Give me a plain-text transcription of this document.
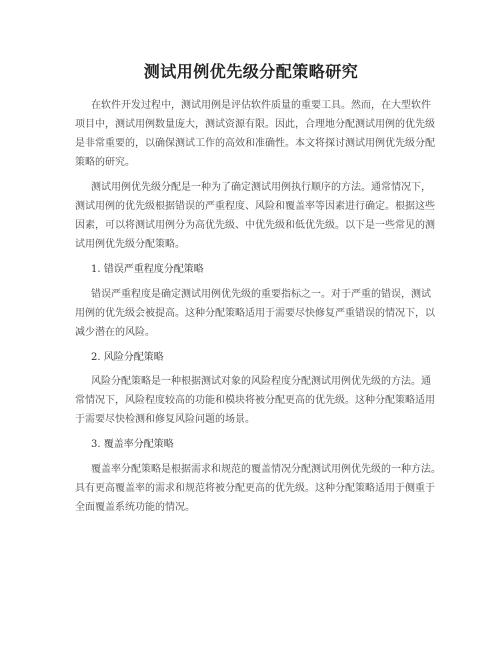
测试用例优先级分配策略研究
在软件开发过程中，测试用例是评估软件质量的重要工具。然而，在大型软件
项目中，测试用例数量庞大，测试资源有限。因此，合理地分配测试用例的优先级
是非常重要的，以确保测试工作的高效和准确性。本文将探讨测试用例优先级分配
策略的研究。
测试用例优先级分配是一种为了确定测试用例执行顺序的方法。通常情况下，
测试用例的优先级根据错误的严重程度、风险和覆盖率等因素进行确定。根据这些
因素，可以将测试用例分为高优先级、中优先级和低优先级。以下是一些常见的测
试用例优先级分配策略。
1. 错误严重程度分配策略
错误严重程度是确定测试用例优先级的重要指标之一。对于严重的错误，测试
用例的优先级会被提高。这种分配策略适用于需要尽快修复严重错误的情况下，以
减少潜在的风险。
2. 风险分配策略
风险分配策略是一种根据测试对象的风险程度分配测试用例优先级的方法。通
常情况下，风险程度较高的功能和模块将被分配更高的优先级。这种分配策略适用
于需要尽快检测和修复风险问题的场景。
3. 覆盖率分配策略
覆盖率分配策略是根据需求和规范的覆盖情况分配测试用例优先级的一种方法。
具有更高覆盖率的需求和规范将被分配更高的优先级。这种分配策略适用于侧重于
全面覆盖系统功能的情况。
